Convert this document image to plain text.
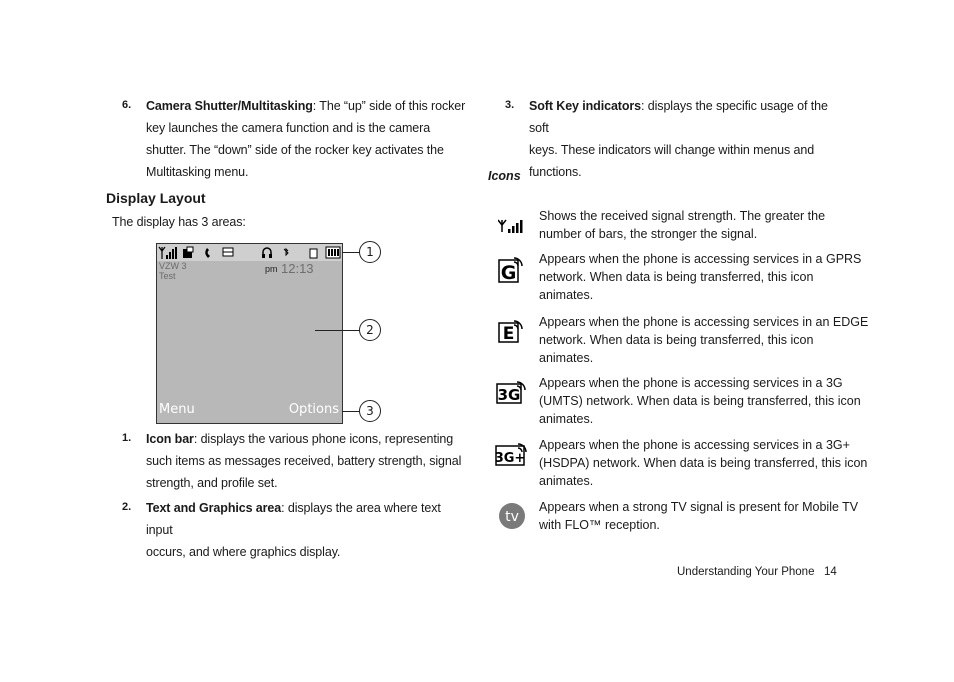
6. Camera Shutter/Multitasking: The “up” side of this rocker
key launches the camera function and is the camera
shutter. The “down” side of the rocker key activates the
Multitasking menu.
Display Layout
The display has 3 areas:
VZW 3
Test
pm 12:13
Menu	Options
1
2
3
1. Icon bar: displays the various phone icons, representing
such items as messages received, battery strength, signal
strength, and profile set.
2. Text and Graphics area: displays the area where text input
occurs, and where graphics display.
3. Soft Key indicators: displays the specific usage of the soft
keys. These indicators will change within menus and
functions.
Icons
Shows the received signal strength. The greater the
number of bars, the stronger the signal.
G
Appears when the phone is accessing services in a GPRS
network. When data is being transferred, this icon
animates.
E
Appears when the phone is accessing services in an EDGE
network. When data is being transferred, this icon
animates.
3G
Appears when the phone is accessing services in a 3G
(UMTS) network. When data is being transferred, this icon
animates.
3G+
Appears when the phone is accessing services in a 3G+
(HSDPA) network. When data is being transferred, this icon
animates.
tv
Appears when a strong TV signal is present for Mobile TV
with FLO™ reception.
Understanding Your Phone 14
